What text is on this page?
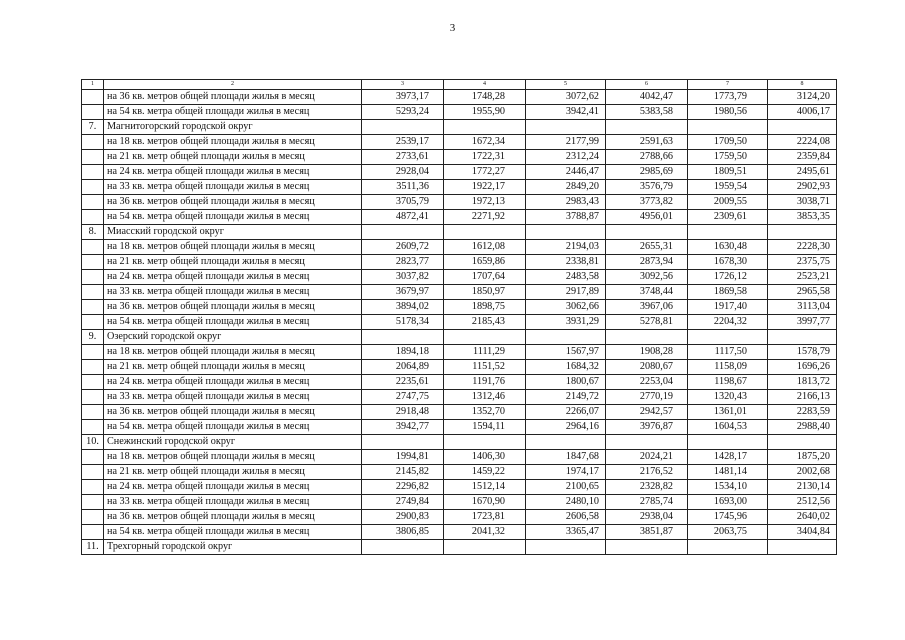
3
1	2	3	4	5	6	7	8
	на 36 кв. метров общей площади жилья в месяц	3973,17	1748,28	3072,62	4042,47	1773,79	3124,20
	на 54 кв. метра общей площади жилья в месяц	5293,24	1955,90	3942,41	5383,58	1980,56	4006,17
7.	Магнитогорский городской округ						
	на 18 кв. метров общей площади жилья в месяц	2539,17	1672,34	2177,99	2591,63	1709,50	2224,08
	на 21 кв. метр общей площади жилья в месяц	2733,61	1722,31	2312,24	2788,66	1759,50	2359,84
	на 24 кв. метра общей площади жилья в месяц	2928,04	1772,27	2446,47	2985,69	1809,51	2495,61
	на 33 кв. метра общей площади жилья в месяц	3511,36	1922,17	2849,20	3576,79	1959,54	2902,93
	на 36 кв. метров общей площади жилья в месяц	3705,79	1972,13	2983,43	3773,82	2009,55	3038,71
	на 54 кв. метра общей площади жилья в месяц	4872,41	2271,92	3788,87	4956,01	2309,61	3853,35
8.	Миасский городской округ						
	на 18 кв. метров общей площади жилья в месяц	2609,72	1612,08	2194,03	2655,31	1630,48	2228,30
	на 21 кв. метр общей площади жилья в месяц	2823,77	1659,86	2338,81	2873,94	1678,30	2375,75
	на 24 кв. метра общей площади жилья в месяц	3037,82	1707,64	2483,58	3092,56	1726,12	2523,21
	на 33 кв. метра общей площади жилья в месяц	3679,97	1850,97	2917,89	3748,44	1869,58	2965,58
	на 36 кв. метров общей площади жилья в месяц	3894,02	1898,75	3062,66	3967,06	1917,40	3113,04
	на 54 кв. метра общей площади жилья в месяц	5178,34	2185,43	3931,29	5278,81	2204,32	3997,77
9.	Озерский городской округ						
	на 18 кв. метров общей площади жилья в месяц	1894,18	1111,29	1567,97	1908,28	1117,50	1578,79
	на 21 кв. метр общей площади жилья в месяц	2064,89	1151,52	1684,32	2080,67	1158,09	1696,26
	на 24 кв. метра общей площади жилья в месяц	2235,61	1191,76	1800,67	2253,04	1198,67	1813,72
	на 33 кв. метра общей площади жилья в месяц	2747,75	1312,46	2149,72	2770,19	1320,43	2166,13
	на 36 кв. метров общей площади жилья в месяц	2918,48	1352,70	2266,07	2942,57	1361,01	2283,59
	на 54 кв. метра общей площади жилья в месяц	3942,77	1594,11	2964,16	3976,87	1604,53	2988,40
10.	Снежинский городской округ						
	на 18 кв. метров общей площади жилья в месяц	1994,81	1406,30	1847,68	2024,21	1428,17	1875,20
	на 21 кв. метр общей площади жилья в месяц	2145,82	1459,22	1974,17	2176,52	1481,14	2002,68
	на 24 кв. метра общей площади жилья в месяц	2296,82	1512,14	2100,65	2328,82	1534,10	2130,14
	на 33 кв. метра общей площади жилья в месяц	2749,84	1670,90	2480,10	2785,74	1693,00	2512,56
	на 36 кв. метров общей площади жилья в месяц	2900,83	1723,81	2606,58	2938,04	1745,96	2640,02
	на 54 кв. метра общей площади жилья в месяц	3806,85	2041,32	3365,47	3851,87	2063,75	3404,84
11.	Трехгорный городской округ						
